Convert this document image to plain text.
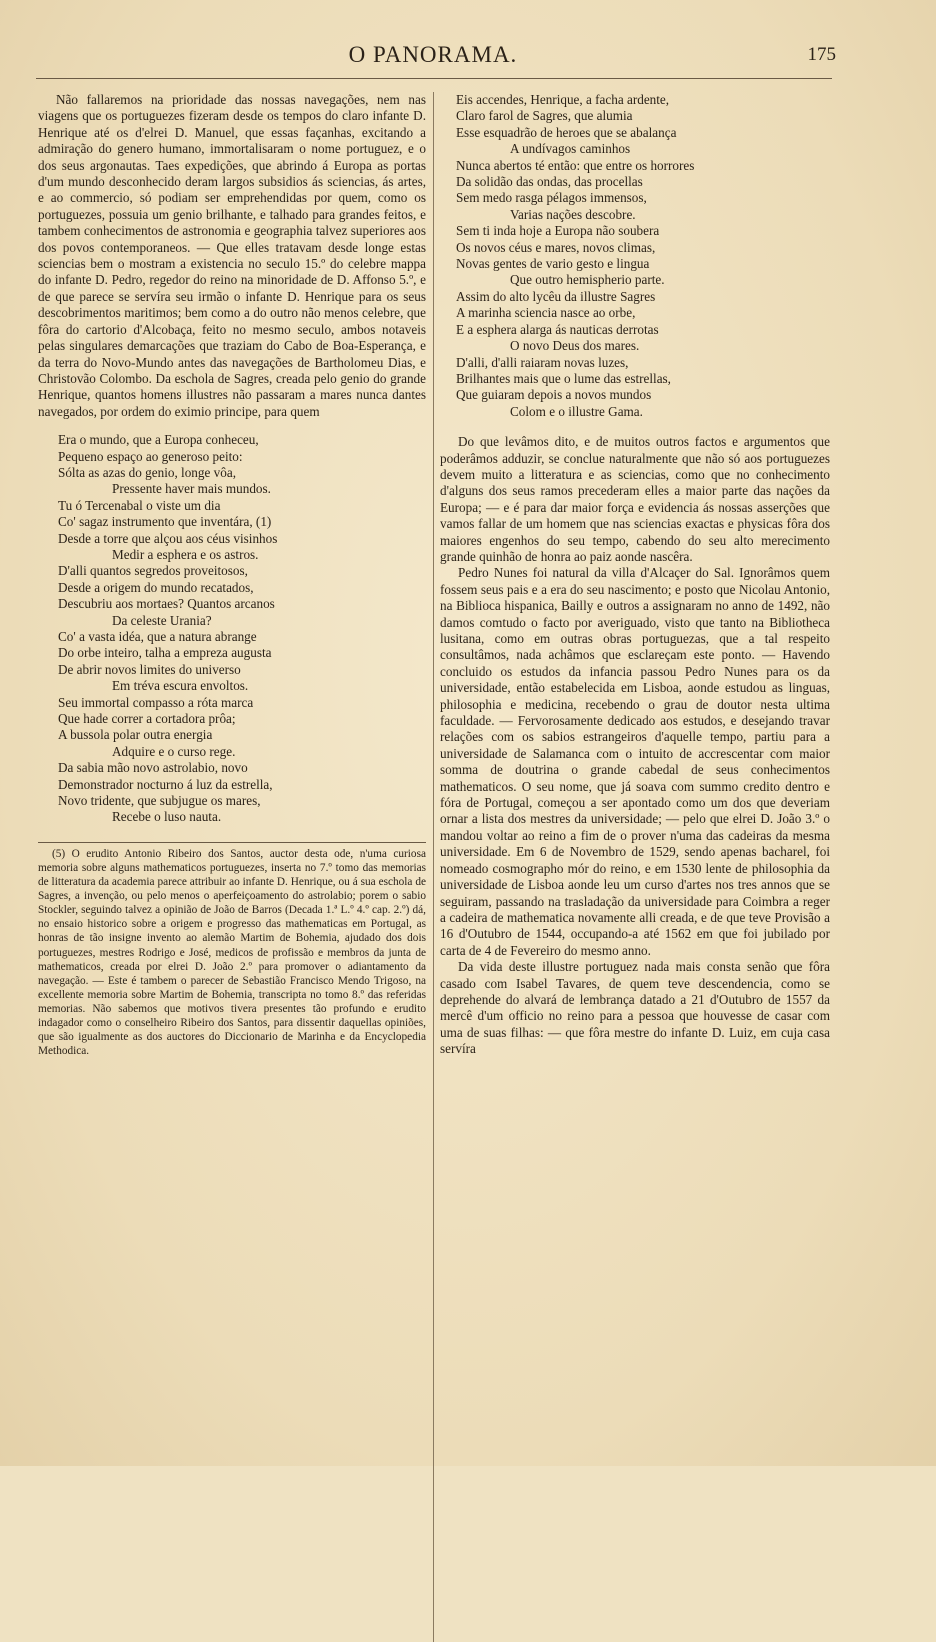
O PANORAMA.	175

Não fallaremos na prioridade das nossas navegações, nem nas viagens que os portuguezes fizeram desde os tempos do claro infante D. Henrique até os d'elrei D. Manuel, que essas façanhas, excitando a admiração do genero humano, immortalisaram o nome portuguez, e o dos seus argonautas. Taes expedições, que abrindo á Europa as portas d'um mundo desconhecido deram largos subsidios ás sciencias, ás artes, e ao commercio, só podiam ser emprehendidas por quem, como os portuguezes, possuia um genio brilhante, e talhado para grandes feitos, e tambem conhecimentos de astronomia e geographia talvez superiores aos dos povos contemporaneos. — Que elles tratavam desde longe estas sciencias bem o mostram a existencia no seculo 15.º do celebre mappa do infante D. Pedro, regedor do reino na minoridade de D. Affonso 5.º, e de que parece se servíra seu irmão o infante D. Henrique para os seus descobrimentos maritimos; bem como a do outro não menos celebre, que fôra do cartorio d'Alcobaça, feito no mesmo seculo, ambos notaveis pelas singulares demarcações que traziam do Cabo de Boa-Esperança, e da terra do Novo-Mundo antes das navegações de Bartholomeu Dias, e Christovão Colombo. Da eschola de Sagres, creada pelo genio do grande Henrique, quantos homens illustres não passaram a mares nunca dantes navegados, por ordem do eximio principe, para quem

Era o mundo, que a Europa conheceu,
Pequeno espaço ao generoso peito:
Sólta as azas do genio, longe vôa,
Pressente haver mais mundos.
Tu ó Tercenabal o viste um dia
Co' sagaz instrumento que inventára, (1)
Desde a torre que alçou aos céus visinhos
Medir a esphera e os astros.
D'alli quantos segredos proveitosos,
Desde a origem do mundo recatados,
Descubriu aos mortaes? Quantos arcanos
Da celeste Urania?
Co' a vasta idéa, que a natura abrange
Do orbe inteiro, talha a empreza augusta
De abrir novos limites do universo
Em tréva escura envoltos.
Seu immortal compasso a róta marca
Que hade correr a cortadora prôa;
A bussola polar outra energia
Adquire e o curso rege.
Da sabia mão novo astrolabio, novo
Demonstrador nocturno á luz da estrella,
Novo tridente, que subjugue os mares,
Recebe o luso nauta.

(5) O erudito Antonio Ribeiro dos Santos, auctor desta ode, n'uma curiosa memoria sobre alguns mathematicos portuguezes, inserta no 7.º tomo das memorias de litteratura da academia parece attribuir ao infante D. Henrique, ou á sua eschola de Sagres, a invenção, ou pelo menos o aperfeiçoamento do astrolabio; porem o sabio Stockler, seguindo talvez a opinião de João de Barros (Decada 1.ª L.º 4.º cap. 2.º) dá, no ensaio historico sobre a origem e progresso das mathematicas em Portugal, as honras de tão insigne invento ao alemão Martim de Bohemia, ajudado dos dois portuguezes, mestres Rodrigo e José, medicos de profissão e membros da junta de mathematicos, creada por elrei D. João 2.º para promover o adiantamento da navegação. — Este é tambem o parecer de Sebastião Francisco Mendo Trigoso, na excellente memoria sobre Martim de Bohemia, transcripta no tomo 8.º das referidas memorias. Não sabemos que motivos tivera presentes tão profundo e erudito indagador como o conselheiro Ribeiro dos Santos, para dissentir daquellas opiniões, que são igualmente as dos auctores do Diccionario de Marinha e da Encyclopedia Methodica.

Eis accendes, Henrique, a facha ardente,
Claro farol de Sagres, que alumia
Esse esquadrão de heroes que se abalança
A undívagos caminhos
Nunca abertos té então: que entre os horrores
Da solidão das ondas, das procellas
Sem medo rasga pélagos immensos,
Varias nações descobre.
Sem ti inda hoje a Europa não soubera
Os novos céus e mares, novos climas,
Novas gentes de vario gesto e lingua
Que outro hemispherio parte.
Assim do alto lycêu da illustre Sagres
A marinha sciencia nasce ao orbe,
E a esphera alarga ás nauticas derrotas
O novo Deus dos mares.
D'alli, d'alli raiaram novas luzes,
Brilhantes mais que o lume das estrellas,
Que guiaram depois a novos mundos
Colom e o illustre Gama.

Do que levâmos dito, e de muitos outros factos e argumentos que poderâmos adduzir, se conclue naturalmente que não só aos portuguezes devem muito a litteratura e as sciencias, como que no conhecimento d'alguns dos seus ramos precederam elles a maior parte das nações da Europa; — e é para dar maior força e evidencia ás nossas asserções que vamos fallar de um homem que nas sciencias exactas e physicas fôra dos maiores engenhos do seu tempo, cabendo do seu alto merecimento grande quinhão de honra ao paiz aonde nascêra.

Pedro Nunes foi natural da villa d'Alcaçer do Sal. Ignorâmos quem fossem seus pais e a era do seu nascimento; e posto que Nicolau Antonio, na Biblioca hispanica, Bailly e outros a assignaram no anno de 1492, não damos comtudo o facto por averiguado, visto que tanto na Bibliotheca lusitana, como em outras obras portuguezas, que a tal respeito consultâmos, nada achâmos que esclareçam este ponto. — Havendo concluido os estudos da infancia passou Pedro Nunes para os da universidade, então estabelecida em Lisboa, aonde estudou as linguas, philosophia e medicina, recebendo o grau de doutor nesta ultima faculdade. — Fervorosamente dedicado aos estudos, e desejando travar relações com os sabios estrangeiros d'aquelle tempo, partiu para a universidade de Salamanca com o intuito de accrescentar com maior somma de doutrina o grande cabedal de seus conhecimentos mathematicos. O seu nome, que já soava com summo credito dentro e fóra de Portugal, começou a ser apontado como um dos que deveriam ornar a lista dos mestres da universidade; — pelo que elrei D. João 3.º o mandou voltar ao reino a fim de o prover n'uma das cadeiras da mesma universidade. Em 6 de Novembro de 1529, sendo apenas bacharel, foi nomeado cosmographo mór do reino, e em 1530 lente de philosophia da universidade de Lisboa aonde leu um curso d'artes nos tres annos que se seguiram, passando na trasladação da universidade para Coimbra a reger a cadeira de mathematica novamente alli creada, e de que teve Provisão a 16 d'Outubro de 1544, occupando-a até 1562 em que foi jubilado por carta de 4 de Fevereiro do mesmo anno.

Da vida deste illustre portuguez nada mais consta senão que fôra casado com Isabel Tavares, de quem teve descendencia, como se deprehende do alvará de lembrança datado a 21 d'Outubro de 1557 da mercê d'um officio no reino para a pessoa que houvesse de casar com uma de suas filhas: — que fôra mestre do infante D. Luiz, em cuja casa servíra
